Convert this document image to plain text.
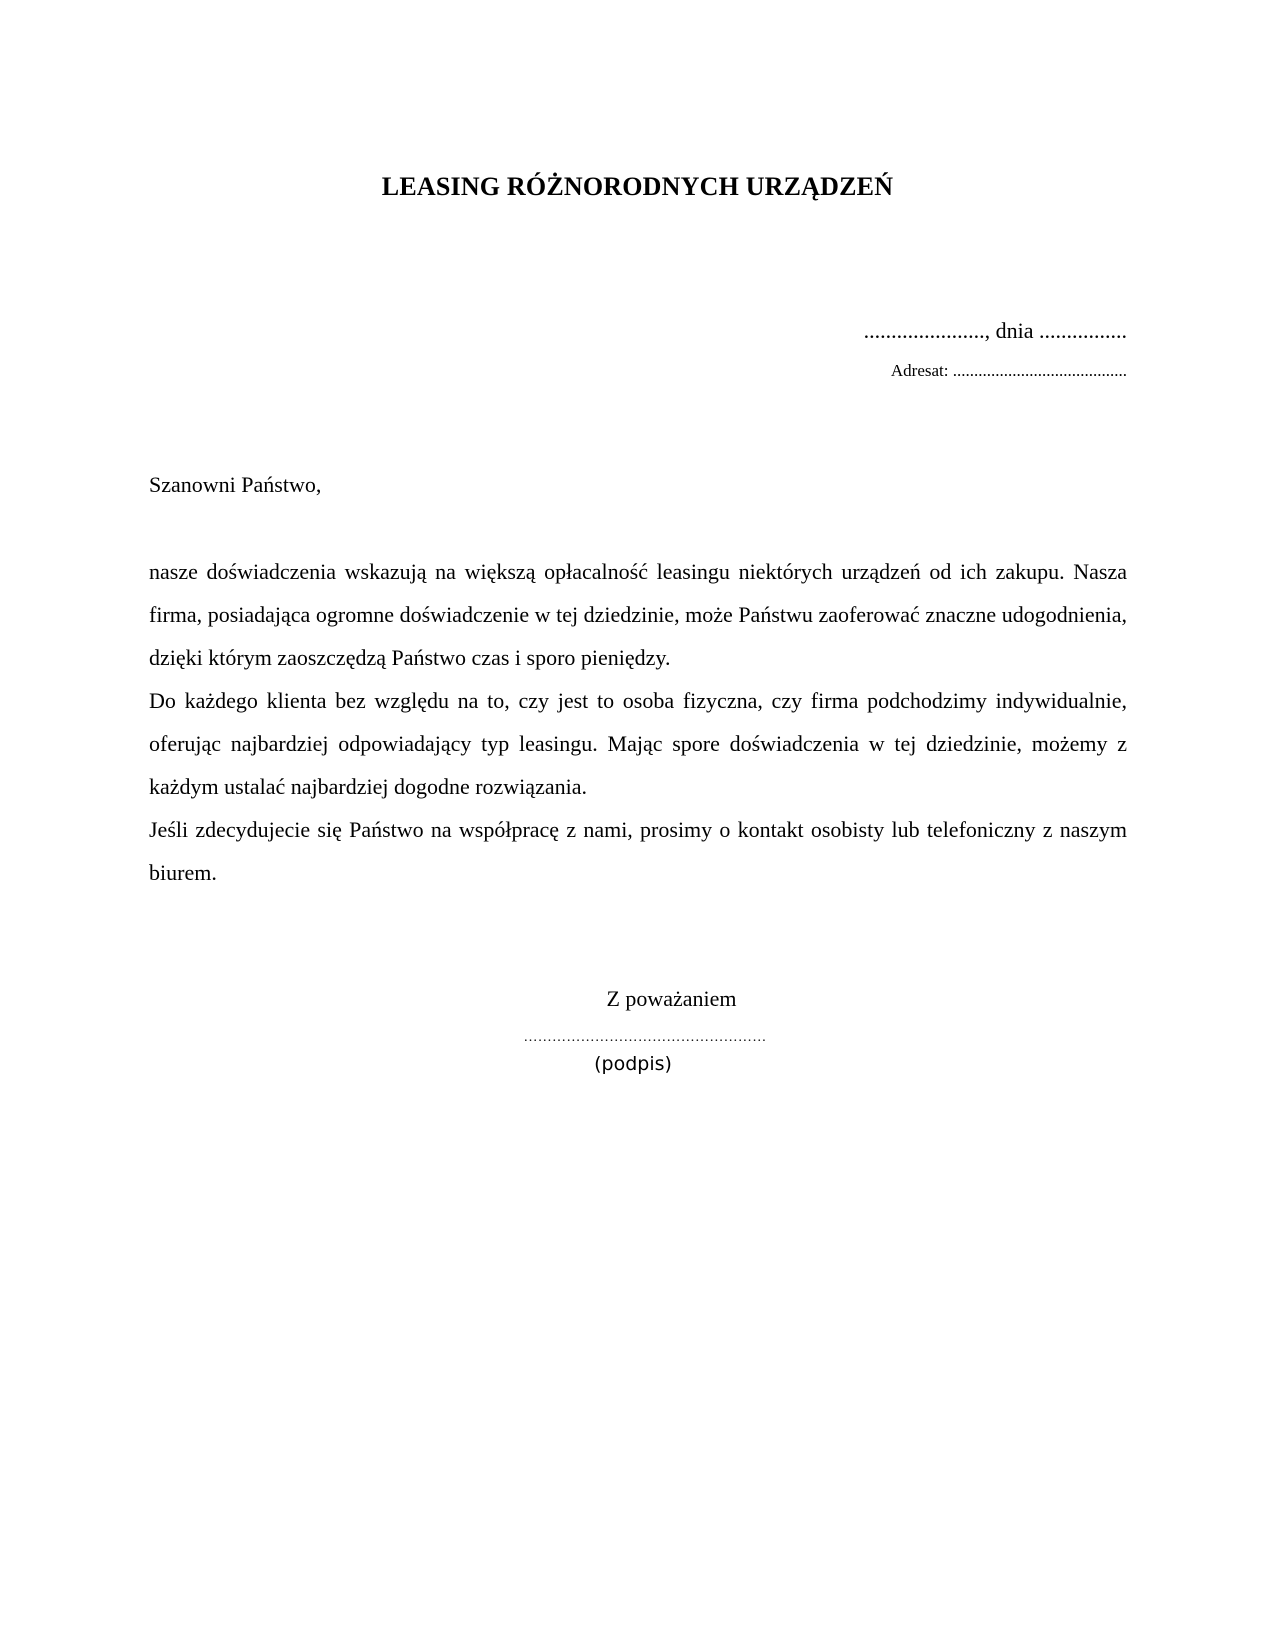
LEASING RÓŻNORODNYCH URZĄDZEŃ
......................, dnia ................
Adresat: .........................................
Szanowni Państwo,

nasze doświadczenia wskazują na większą opłacalność leasingu niektórych urządzeń od ich zakupu. Nasza firma, posiadająca ogromne doświadczenie w tej dziedzinie, może Państwu zaoferować znaczne udogodnienia, dzięki którym zaoszczędzą Państwo czas i sporo pieniędzy.

Do każdego klienta bez względu na to, czy jest to osoba fizyczna, czy firma podchodzimy indywidualnie, oferując najbardziej odpowiadający typ leasingu. Mając spore doświadczenia w tej dziedzinie, możemy z każdym ustalać najbardziej dogodne rozwiązania.

Jeśli zdecydujecie się Państwo na współpracę z nami, prosimy o kontakt osobisty lub telefoniczny z naszym biurem.

Z poważaniem
……………………………………………
(podpis)
